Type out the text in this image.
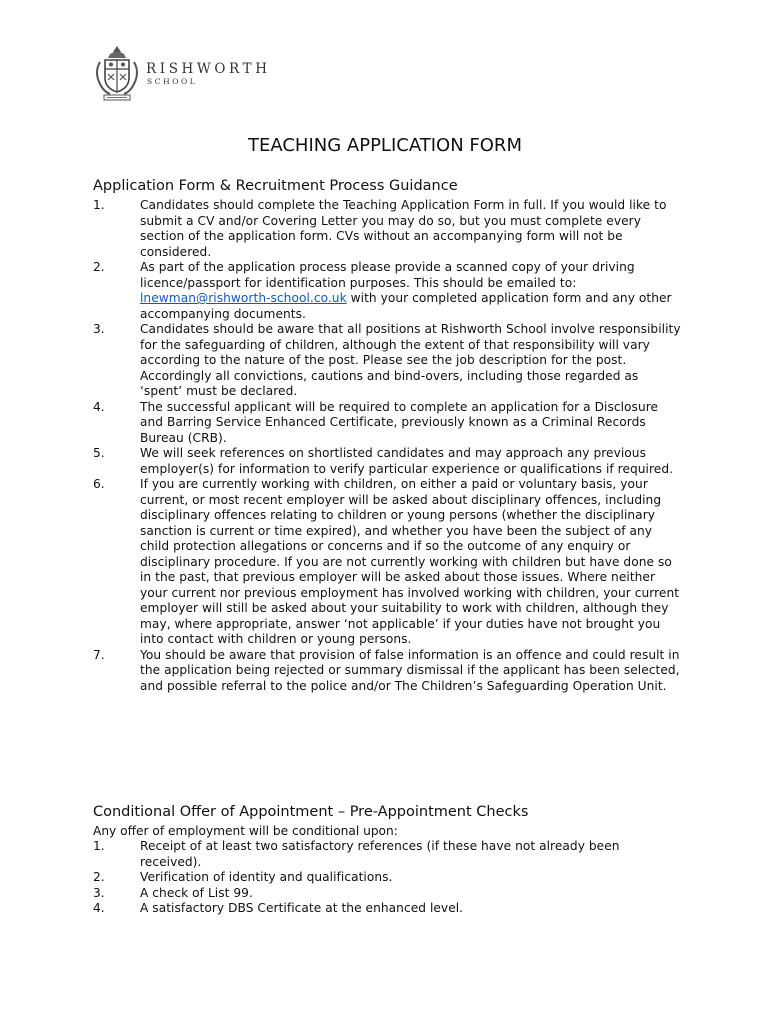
RISHWORTH
SCHOOL
TEACHING APPLICATION FORM
Application Form & Recruitment Process Guidance
1.	Candidates should complete the Teaching Application Form in full. If you would like to submit a CV and/or Covering Letter you may do so, but you must complete every section of the application form. CVs without an accompanying form will not be considered.
2.	As part of the application process please provide a scanned copy of your driving licence/passport for identification purposes. This should be emailed to: lnewman@rishworth-school.co.uk with your completed application form and any other accompanying documents.
3.	Candidates should be aware that all positions at Rishworth School involve responsibility for the safeguarding of children, although the extent of that responsibility will vary according to the nature of the post. Please see the job description for the post. Accordingly all convictions, cautions and bind-overs, including those regarded as ‘spent’ must be declared.
4.	The successful applicant will be required to complete an application for a Disclosure and Barring Service Enhanced Certificate, previously known as a Criminal Records Bureau (CRB).
5.	We will seek references on shortlisted candidates and may approach any previous employer(s) for information to verify particular experience or qualifications if required.
6.	If you are currently working with children, on either a paid or voluntary basis, your current, or most recent employer will be asked about disciplinary offences, including disciplinary offences relating to children or young persons (whether the disciplinary sanction is current or time expired), and whether you have been the subject of any child protection allegations or concerns and if so the outcome of any enquiry or disciplinary procedure. If you are not currently working with children but have done so in the past, that previous employer will be asked about those issues. Where neither your current nor previous employment has involved working with children, your current employer will still be asked about your suitability to work with children, although they may, where appropriate, answer ‘not applicable’ if your duties have not brought you into contact with children or young persons.
7.	You should be aware that provision of false information is an offence and could result in the application being rejected or summary dismissal if the applicant has been selected, and possible referral to the police and/or The Children’s Safeguarding Operation Unit.
Conditional Offer of Appointment – Pre-Appointment Checks
Any offer of employment will be conditional upon:
1.	Receipt of at least two satisfactory references (if these have not already been received).
2.	Verification of identity and qualifications.
3.	A check of List 99.
4.	A satisfactory DBS Certificate at the enhanced level.
